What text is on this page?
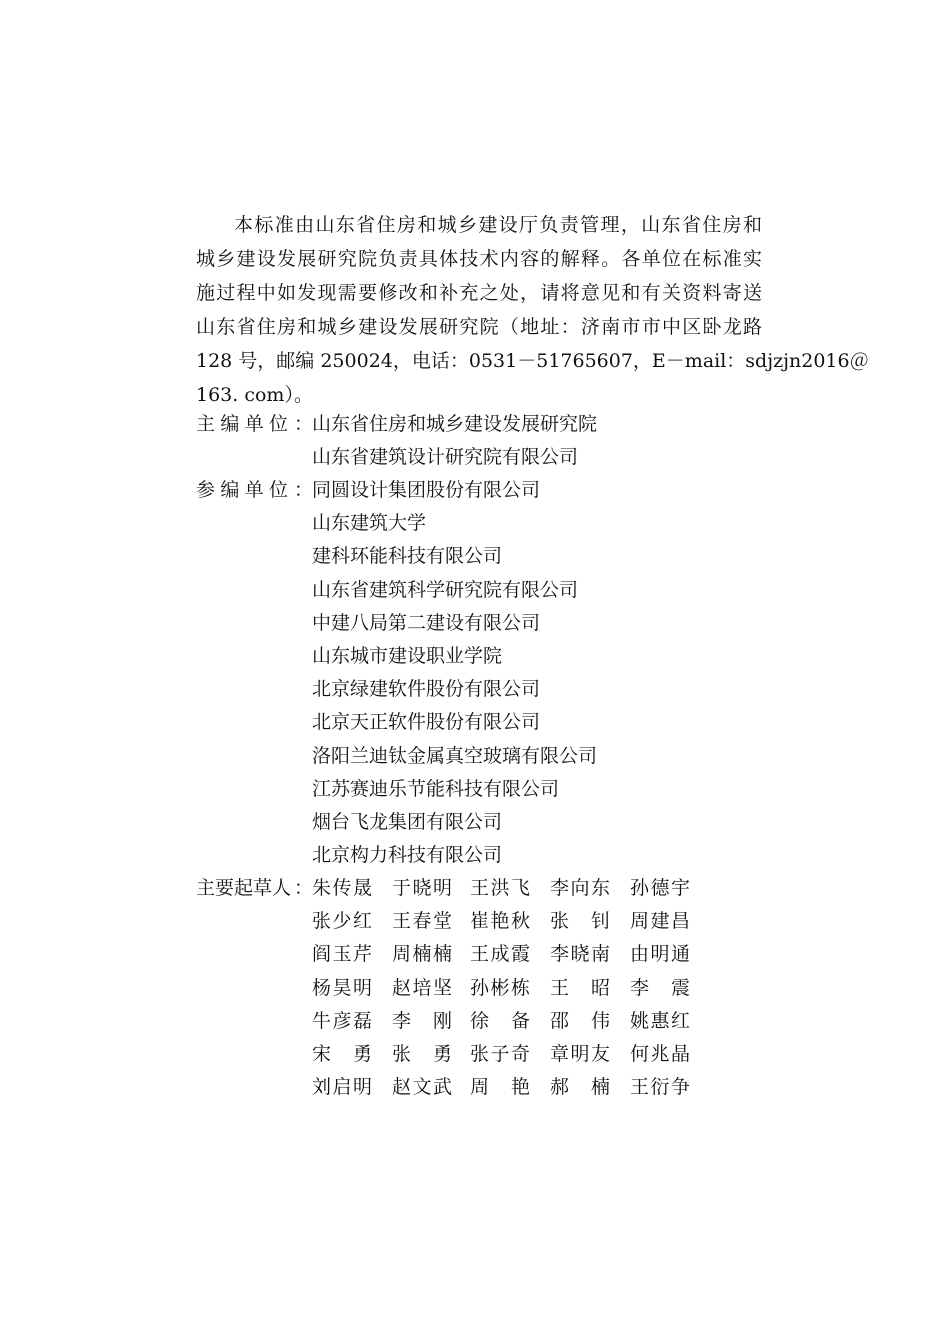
本标准由山东省住房和城乡建设厅负责管理，山东省住房和
城乡建设发展研究院负责具体技术内容的解释。各单位在标准实
施过程中如发现需要修改和补充之处，请将意见和有关资料寄送
山东省住房和城乡建设发展研究院（地址：济南市市中区卧龙路
128 号，邮编 250024，电话：0531－51765607，E－mail：sdjzjn2016＠
163. com）。
主编单位 ：
山东省住房和城乡建设发展研究院
山东省建筑设计研究院有限公司
参编单位 ：
同圆设计集团股份有限公司
山东建筑大学
建科环能科技有限公司
山东省建筑科学研究院有限公司
中建八局第二建设有限公司
山东城市建设职业学院
北京绿建软件股份有限公司
北京天正软件股份有限公司
洛阳兰迪钛金属真空玻璃有限公司
江苏赛迪乐节能科技有限公司
烟台飞龙集团有限公司
北京构力科技有限公司
主要起草人 ：
朱传晟 于晓明 王洪飞 李向东 孙德宇
张少红 王春堂 崔艳秋 张钊 周建昌
阎玉芹 周楠楠 王成霞 李晓南 由明通
杨昊明 赵培坚 孙彬栋 王昭 李震
牛彦磊 李刚 徐备 邵伟 姚惠红
宋勇 张勇 张子奇 章明友 何兆晶
刘启明 赵文武 周艳 郝楠 王衍争
